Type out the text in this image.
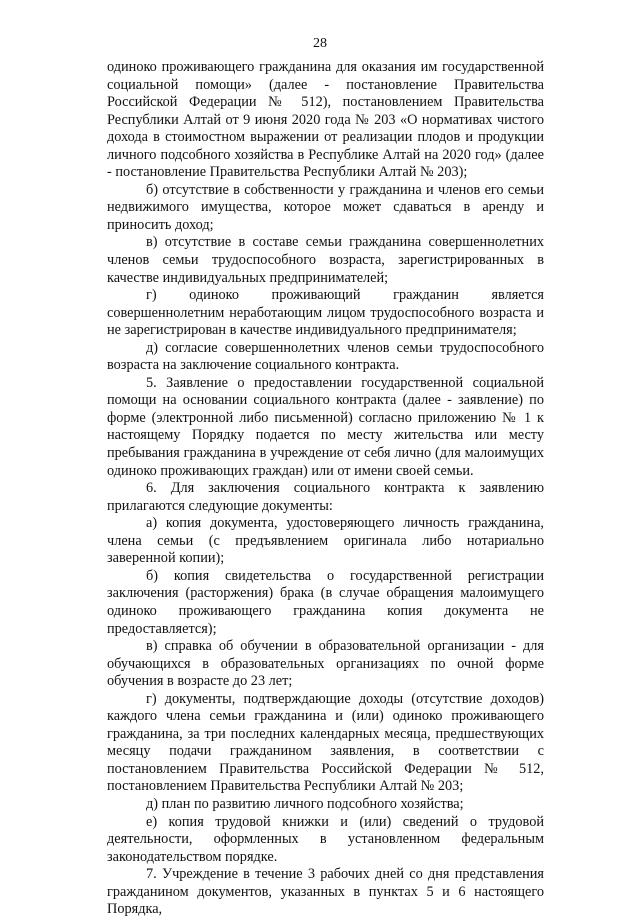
28

одиноко проживающего гражданина для оказания им государственной социальной помощи» (далее - постановление Правительства Российской Федерации № 512), постановлением Правительства Республики Алтай от 9 июня 2020 года № 203 «О нормативах чистого дохода в стоимостном выражении от реализации плодов и продукции личного подсобного хозяйства в Республике Алтай на 2020 год» (далее - постановление Правительства Республики Алтай № 203);

б) отсутствие в собственности у гражданина и членов его семьи недвижимого имущества, которое может сдаваться в аренду и приносить доход;

в) отсутствие в составе семьи гражданина совершеннолетних членов семьи трудоспособного возраста, зарегистрированных в качестве индивидуальных предпринимателей;

г) одиноко проживающий гражданин является совершеннолетним неработающим лицом трудоспособного возраста и не зарегистрирован в качестве индивидуального предпринимателя;

д) согласие совершеннолетних членов семьи трудоспособного возраста на заключение социального контракта.

5. Заявление о предоставлении государственной социальной помощи на основании социального контракта (далее - заявление) по форме (электронной либо письменной) согласно приложению № 1 к настоящему Порядку подается по месту жительства или месту пребывания гражданина в учреждение от себя лично (для малоимущих одиноко проживающих граждан) или от имени своей семьи.

6. Для заключения социального контракта к заявлению прилагаются следующие документы:

а) копия документа, удостоверяющего личность гражданина, члена семьи (с предъявлением оригинала либо нотариально заверенной копии);

б) копия свидетельства о государственной регистрации заключения (расторжения) брака (в случае обращения малоимущего одиноко проживающего гражданина копия документа не предоставляется);

в) справка об обучении в образовательной организации - для обучающихся в образовательных организациях по очной форме обучения в возрасте до 23 лет;

г) документы, подтверждающие доходы (отсутствие доходов) каждого члена семьи гражданина и (или) одиноко проживающего гражданина, за три последних календарных месяца, предшествующих месяцу подачи гражданином заявления, в соответствии с постановлением Правительства Российской Федерации № 512, постановлением Правительства Республики Алтай № 203;

д) план по развитию личного подсобного хозяйства;

е) копия трудовой книжки и (или) сведений о трудовой деятельности, оформленных в установленном федеральным законодательством порядке.

7. Учреждение в течение 3 рабочих дней со дня представления гражданином документов, указанных в пунктах 5 и 6 настоящего Порядка,
